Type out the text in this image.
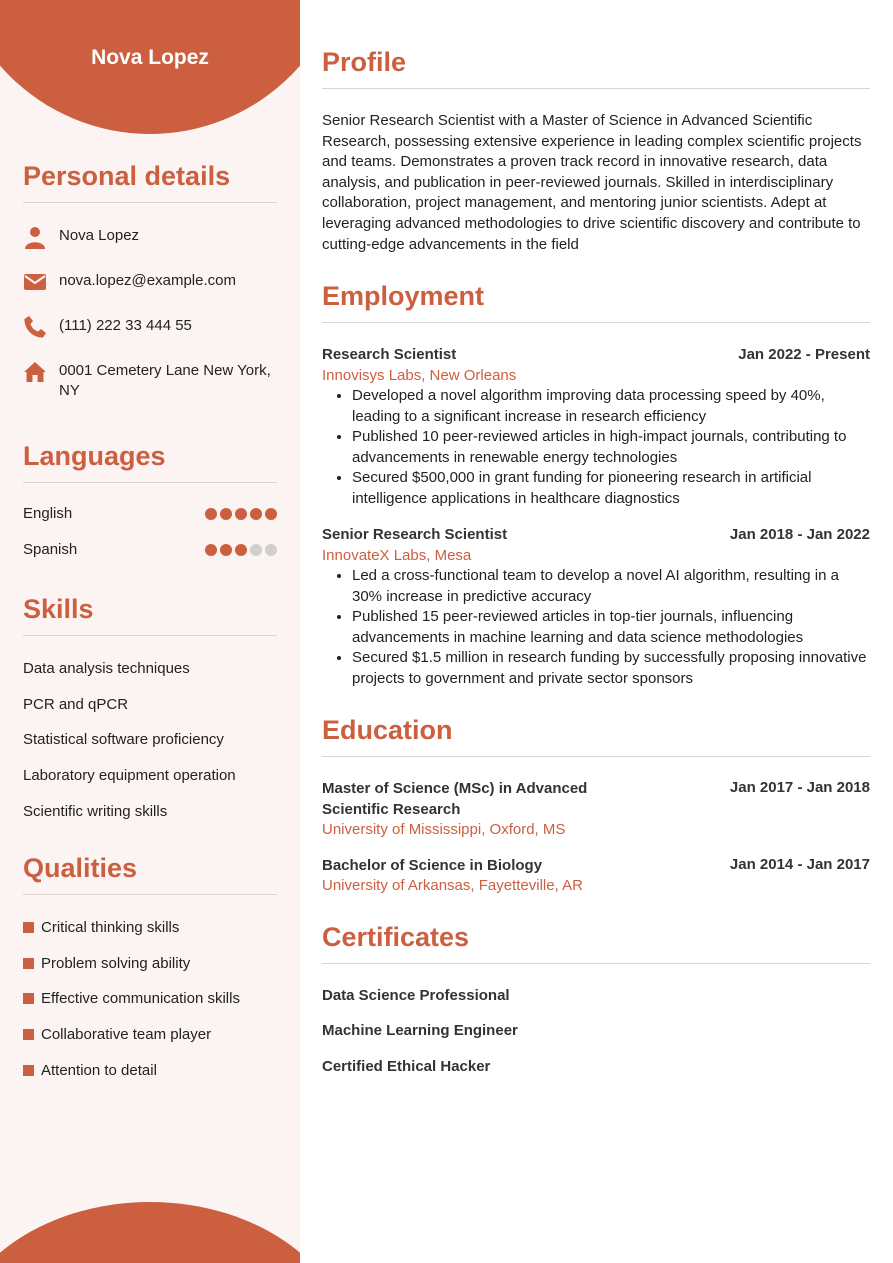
Nova Lopez
Personal details
Nova Lopez
nova.lopez@example.com
(111) 222 33 444 55
0001 Cemetery Lane New York, NY
Languages
English
Spanish
Skills
Data analysis techniques
PCR and qPCR
Statistical software proficiency
Laboratory equipment operation
Scientific writing skills
Qualities
Critical thinking skills
Problem solving ability
Effective communication skills
Collaborative team player
Attention to detail
Profile
Senior Research Scientist with a Master of Science in Advanced Scientific Research, possessing extensive experience in leading complex scientific projects and teams. Demonstrates a proven track record in innovative research, data analysis, and publication in peer-reviewed journals. Skilled in interdisciplinary collaboration, project management, and mentoring junior scientists. Adept at leveraging advanced methodologies to drive scientific discovery and contribute to cutting-edge advancements in the field
Employment
Research Scientist	Jan 2022 - Present
Innovisys Labs, New Orleans
• Developed a novel algorithm improving data processing speed by 40%, leading to a significant increase in research efficiency
• Published 10 peer-reviewed articles in high-impact journals, contributing to advancements in renewable energy technologies
• Secured $500,000 in grant funding for pioneering research in artificial intelligence applications in healthcare diagnostics
Senior Research Scientist	Jan 2018 - Jan 2022
InnovateX Labs, Mesa
• Led a cross-functional team to develop a novel AI algorithm, resulting in a 30% increase in predictive accuracy
• Published 15 peer-reviewed articles in top-tier journals, influencing advancements in machine learning and data science methodologies
• Secured $1.5 million in research funding by successfully proposing innovative projects to government and private sector sponsors
Education
Master of Science (MSc) in Advanced Scientific Research
Jan 2017 - Jan 2018
University of Mississippi, Oxford, MS
Bachelor of Science in Biology	Jan 2014 - Jan 2017
University of Arkansas, Fayetteville, AR
Certificates
Data Science Professional
Machine Learning Engineer
Certified Ethical Hacker
